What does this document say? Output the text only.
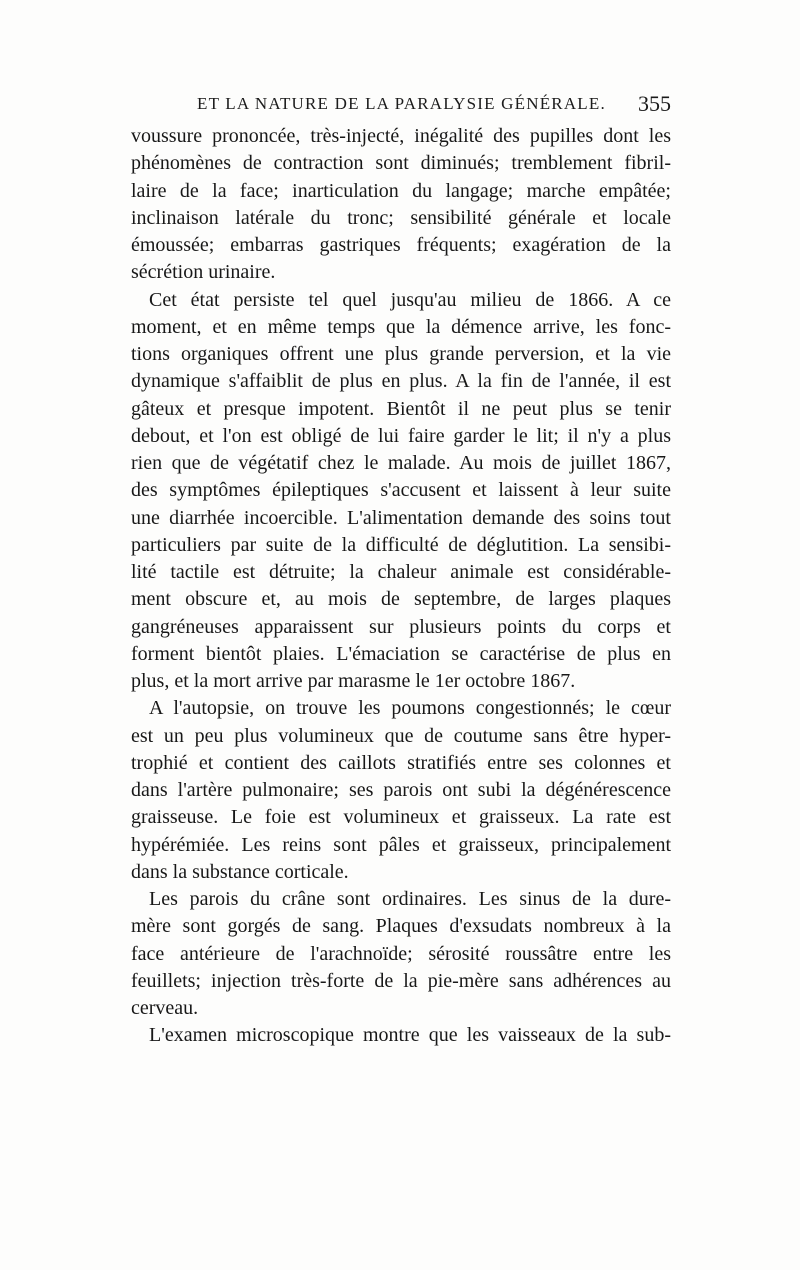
ET LA NATURE DE LA PARALYSIE GÉNÉRALE. 355
voussure prononcée, très-injecté, inégalité des pupilles dont les
phénomènes de contraction sont diminués; tremblement fibril-
laire de la face; inarticulation du langage; marche empâtée;
inclinaison latérale du tronc; sensibilité générale et locale
émoussée; embarras gastriques fréquents; exagération de la
sécrétion urinaire.
Cet état persiste tel quel jusqu'au milieu de 1866. A ce
moment, et en même temps que la démence arrive, les fonc-
tions organiques offrent une plus grande perversion, et la vie
dynamique s'affaiblit de plus en plus. A la fin de l'année, il est
gâteux et presque impotent. Bientôt il ne peut plus se tenir
debout, et l'on est obligé de lui faire garder le lit; il n'y a plus
rien que de végétatif chez le malade. Au mois de juillet 1867,
des symptômes épileptiques s'accusent et laissent à leur suite
une diarrhée incoercible. L'alimentation demande des soins tout
particuliers par suite de la difficulté de déglutition. La sensibi-
lité tactile est détruite; la chaleur animale est considérable-
ment obscure et, au mois de septembre, de larges plaques
gangréneuses apparaissent sur plusieurs points du corps et
forment bientôt plaies. L'émaciation se caractérise de plus en
plus, et la mort arrive par marasme le 1er octobre 1867.
A l'autopsie, on trouve les poumons congestionnés; le cœur
est un peu plus volumineux que de coutume sans être hyper-
trophié et contient des caillots stratifiés entre ses colonnes et
dans l'artère pulmonaire; ses parois ont subi la dégénérescence
graisseuse. Le foie est volumineux et graisseux. La rate est
hypérémiée. Les reins sont pâles et graisseux, principalement
dans la substance corticale.
Les parois du crâne sont ordinaires. Les sinus de la dure-
mère sont gorgés de sang. Plaques d'exsudats nombreux à la
face antérieure de l'arachnoïde; sérosité roussâtre entre les
feuillets; injection très-forte de la pie-mère sans adhérences au
cerveau.
L'examen microscopique montre que les vaisseaux de la sub-
